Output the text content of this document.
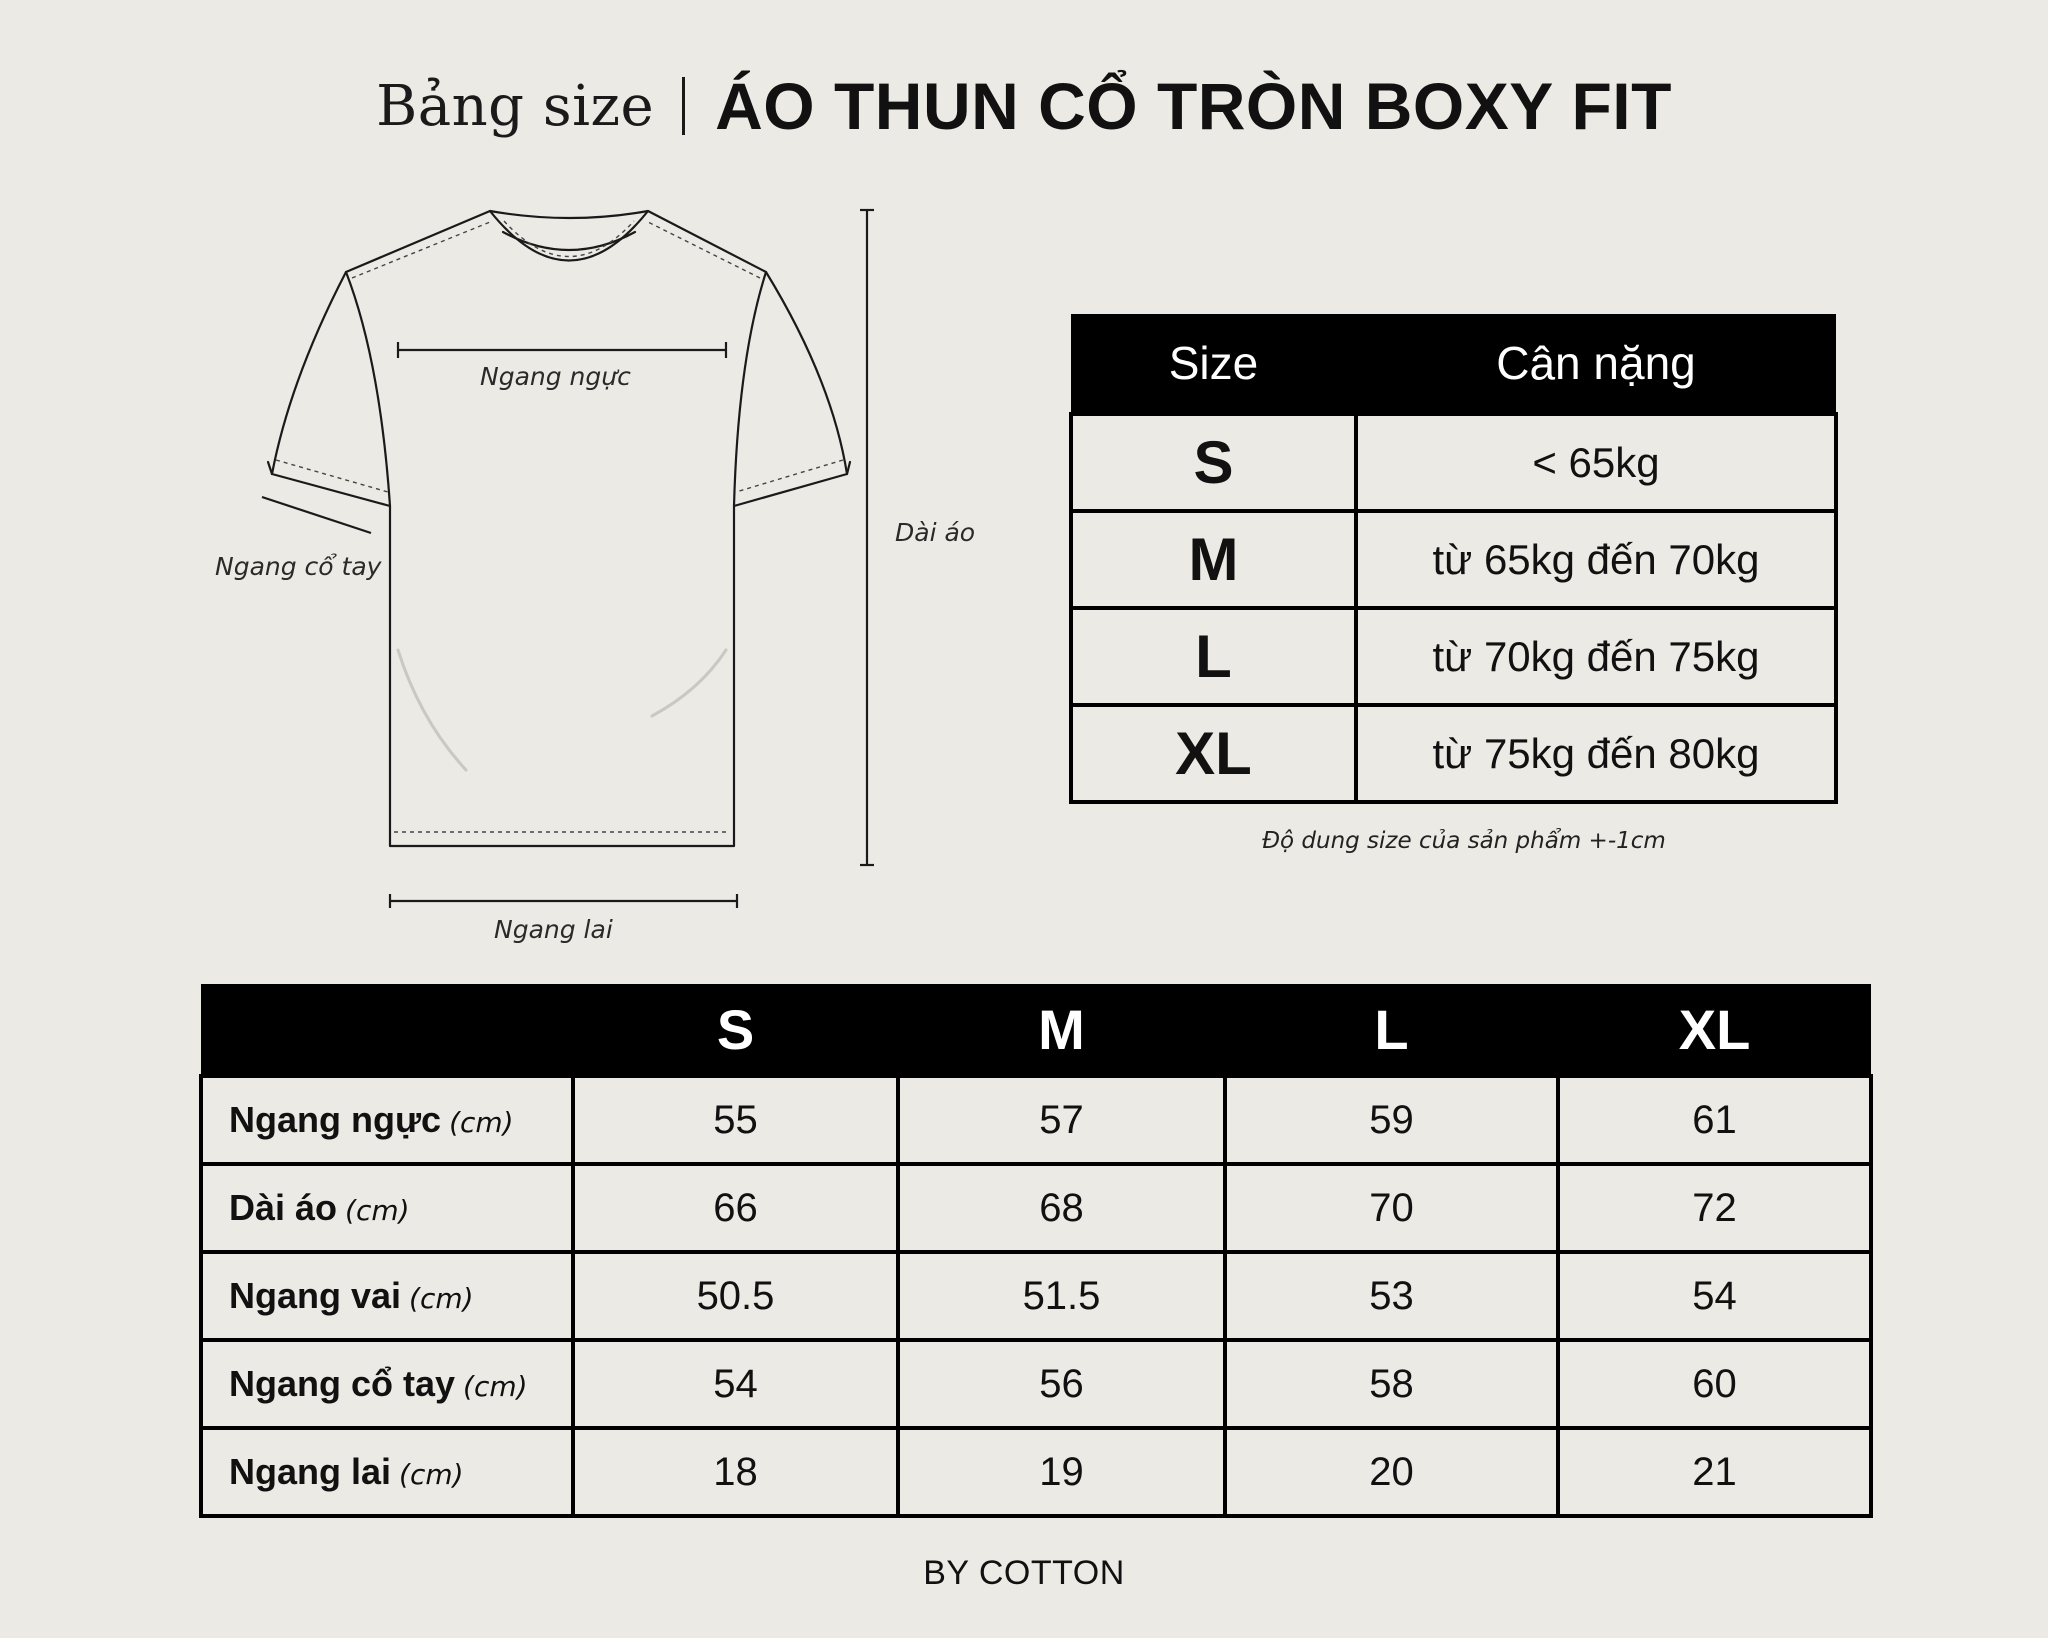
Bảng size ÁO THUN CỔ TRÒN BOXY FIT
Ngang ngực
Ngang cổ tay
Dài áo
Ngang lai
Size	Cân nặng
S	< 65kg
M	từ 65kg đến 70kg
L	từ 70kg đến 75kg
XL	từ 75kg đến 80kg
Độ dung size của sản phẩm +-1cm
	S	M	L	XL
Ngang ngực (cm)	55	57	59	61
Dài áo (cm)	66	68	70	72
Ngang vai (cm)	50.5	51.5	53	54
Ngang cổ tay (cm)	54	56	58	60
Ngang lai (cm)	18	19	20	21
BY COTTON
